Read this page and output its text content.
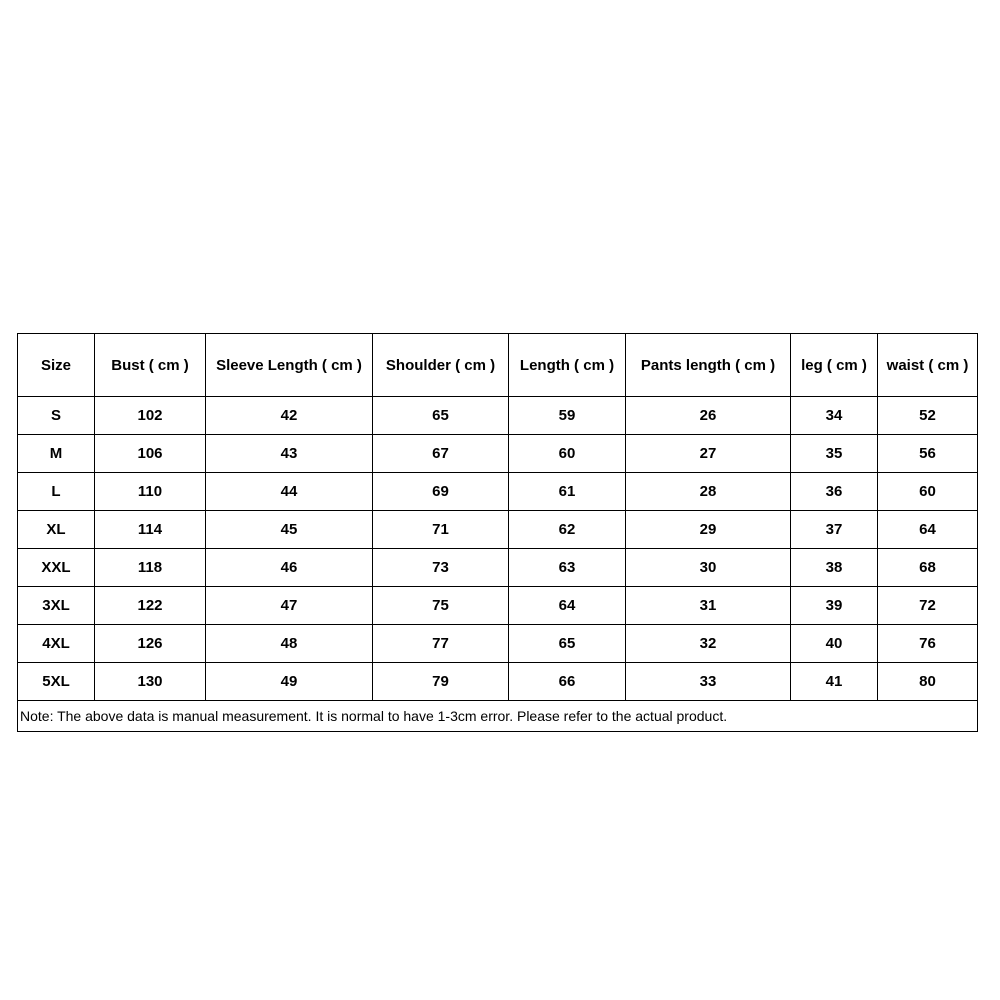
Size	Bust ( cm )	Sleeve Length ( cm )	Shoulder ( cm )	Length ( cm )	Pants length ( cm )	leg ( cm )	waist ( cm )
S	102	42	65	59	26	34	52
M	106	43	67	60	27	35	56
L	110	44	69	61	28	36	60
XL	114	45	71	62	29	37	64
XXL	118	46	73	63	30	38	68
3XL	122	47	75	64	31	39	72
4XL	126	48	77	65	32	40	76
5XL	130	49	79	66	33	41	80
Note: The above data is manual measurement. It is normal to have 1-3cm error. Please refer to the actual product.							
